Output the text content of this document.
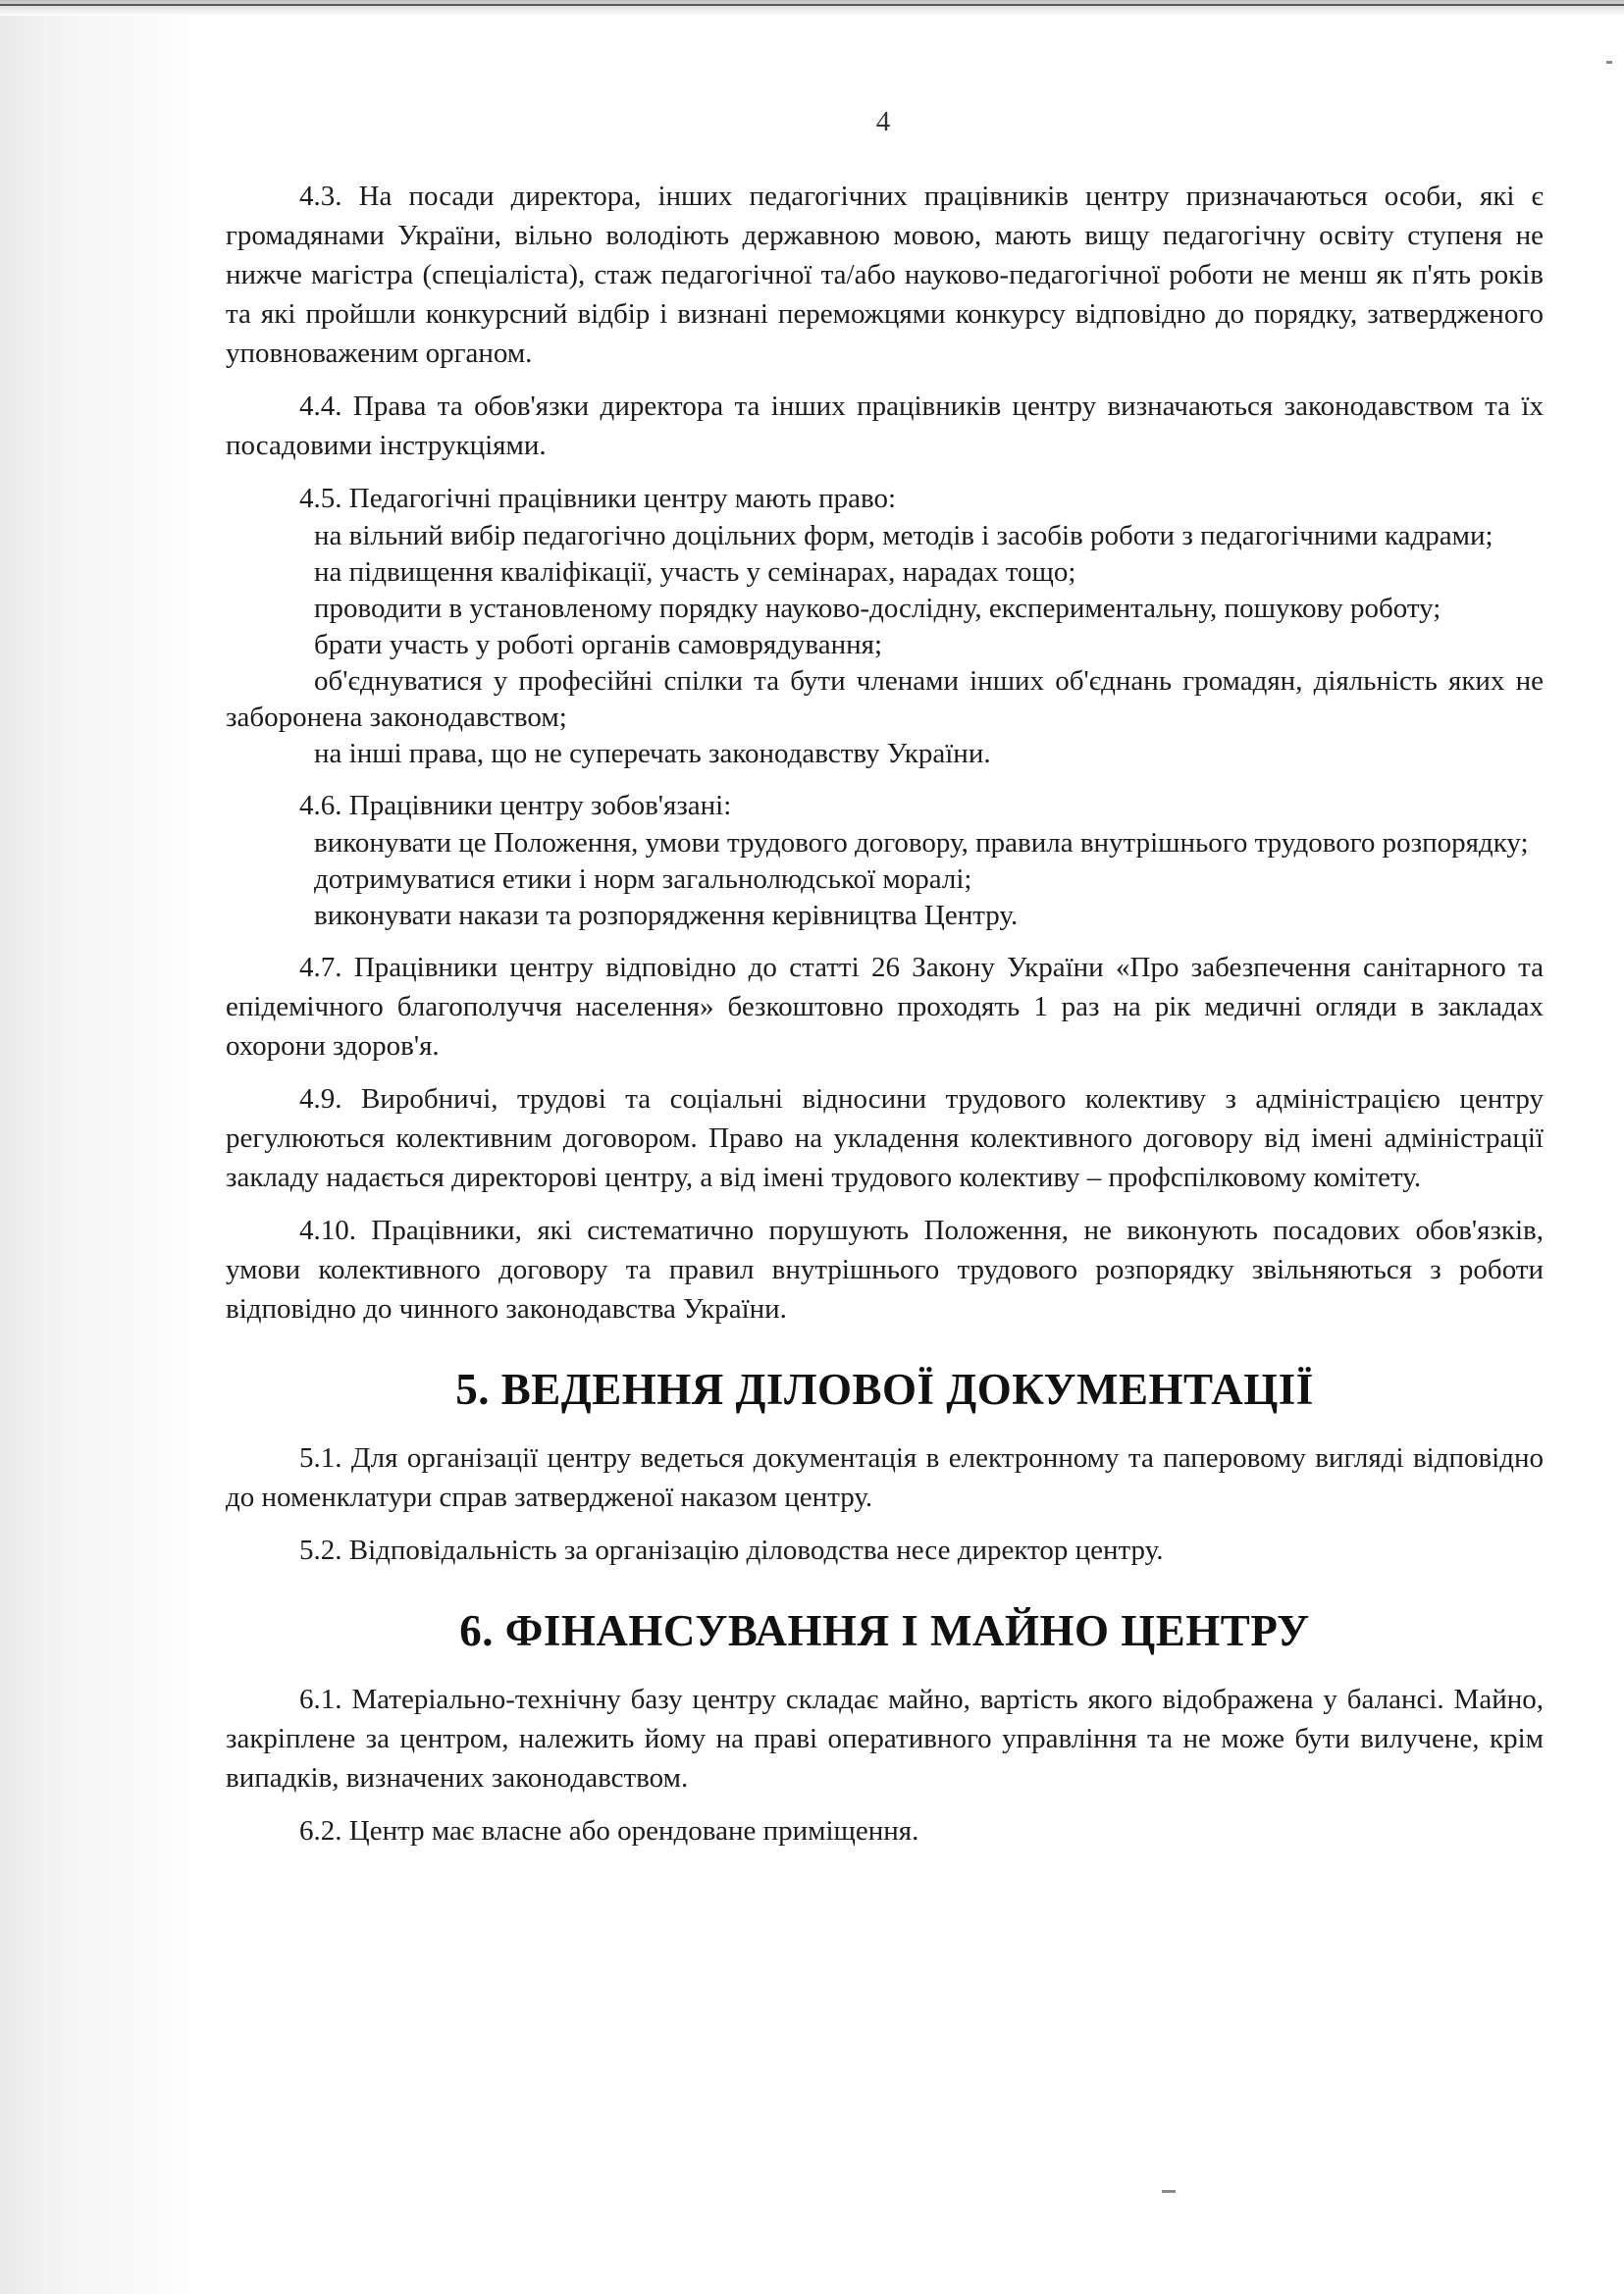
4

4.3. На посади директора, інших педагогічних працівників центру призначаються особи, які є громадянами України, вільно володіють державною мовою, мають вищу педагогічну освіту ступеня не нижче магістра (спеціаліста), стаж педагогічної та/або науково-педагогічної роботи не менш як п'ять років та які пройшли конкурсний відбір і визнані переможцями конкурсу відповідно до порядку, затвердженого уповноваженим органом.

4.4. Права та обов'язки директора та інших працівників центру визначаються законодавством та їх посадовими інструкціями.

4.5. Педагогічні працівники центру мають право:

на вільний вибір педагогічно доцільних форм, методів і засобів роботи з педагогічними кадрами;

на підвищення кваліфікації, участь у семінарах, нарадах тощо;

проводити в установленому порядку науково-дослідну, експериментальну, пошукову роботу;

брати участь у роботі органів самоврядування;

об'єднуватися у професійні спілки та бути членами інших об'єднань громадян, діяльність яких не заборонена законодавством;

на інші права, що не суперечать законодавству України.

4.6. Працівники центру зобов'язані:

виконувати це Положення, умови трудового договору, правила внутрішнього трудового розпорядку;

дотримуватися етики і норм загальнолюдської моралі;

виконувати накази та розпорядження керівництва Центру.

4.7. Працівники центру відповідно до статті 26 Закону України «Про забезпечення санітарного та епідемічного благополуччя населення» безкоштовно проходять 1 раз на рік медичні огляди в закладах охорони здоров'я.

4.9. Виробничі, трудові та соціальні відносини трудового колективу з адміністрацією центру регулюються колективним договором. Право на укладення колективного договору від імені адміністрації закладу надається директорові центру, а від імені трудового колективу – профспілковому комітету.

4.10. Працівники, які систематично порушують Положення, не виконують посадових обов'язків, умови колективного договору та правил внутрішнього трудового розпорядку звільняються з роботи відповідно до чинного законодавства України.

5. ВЕДЕННЯ ДІЛОВОЇ ДОКУМЕНТАЦІЇ

5.1. Для організації центру ведеться документація в електронному та паперовому вигляді відповідно до номенклатури справ затвердженої наказом центру.

5.2. Відповідальність за організацію діловодства несе директор центру.

6. ФІНАНСУВАННЯ І МАЙНО ЦЕНТРУ

6.1. Матеріально-технічну базу центру складає майно, вартість якого відображена у балансі. Майно, закріплене за центром, належить йому на праві оперативного управління та не може бути вилучене, крім випадків, визначених законодавством.

6.2. Центр має власне або орендоване приміщення.
